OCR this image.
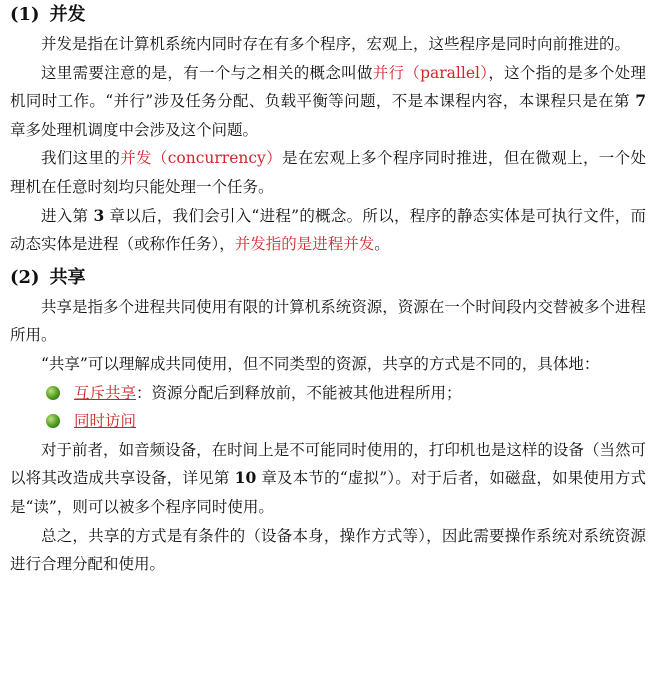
(1) 并发

并发是指在计算机系统内同时存在有多个程序，宏观上，这些程序是同时向前推进的。

这里需要注意的是，有一个与之相关的概念叫做并行（parallel），这个指的是多个处理机同时工作。“并行”涉及任务分配、负载平衡等问题，不是本课程内容，本课程只是在第 7 章多处理机调度中会涉及这个问题。

我们这里的并发（concurrency）是在宏观上多个程序同时推进，但在微观上，一个处理机在任意时刻均只能处理一个任务。

进入第 3 章以后，我们会引入“进程”的概念。所以，程序的静态实体是可执行文件，而动态实体是进程（或称作任务），并发指的是进程并发。

(2) 共享

共享是指多个进程共同使用有限的计算机系统资源，资源在一个时间段内交替被多个进程所用。

“共享”可以理解成共同使用，但不同类型的资源，共享的方式是不同的，具体地：

互斥共享：资源分配后到释放前，不能被其他进程所用；
同时访问

对于前者，如音频设备，在时间上是不可能同时使用的，打印机也是这样的设备（当然可以将其改造成共享设备，详见第 10 章及本节的“虚拟”）。对于后者，如磁盘，如果使用方式是“读”，则可以被多个程序同时使用。

总之，共享的方式是有条件的（设备本身，操作方式等），因此需要操作系统对系统资源进行合理分配和使用。
